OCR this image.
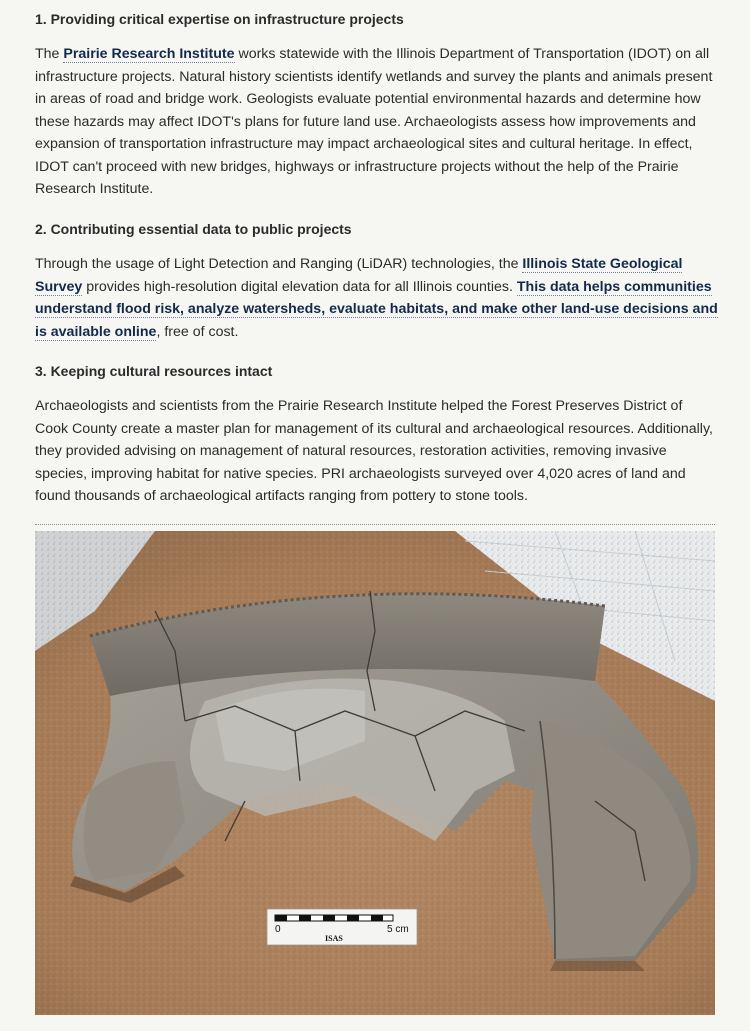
1. Providing critical expertise on infrastructure projects

The Prairie Research Institute works statewide with the Illinois Department of Transportation (IDOT) on all infrastructure projects. Natural history scientists identify wetlands and survey the plants and animals present in areas of road and bridge work. Geologists evaluate potential environmental hazards and determine how these hazards may affect IDOT's plans for future land use. Archaeologists assess how improvements and expansion of transportation infrastructure may impact archaeological sites and cultural heritage. In effect, IDOT can't proceed with new bridges, highways or infrastructure projects without the help of the Prairie Research Institute.

2. Contributing essential data to public projects

Through the usage of Light Detection and Ranging (LiDAR) technologies, the Illinois State Geological Survey provides high-resolution digital elevation data for all Illinois counties. This data helps communities understand flood risk, analyze watersheds, evaluate habitats, and make other land-use decisions and is available online, free of cost.

3. Keeping cultural resources intact

Archaeologists and scientists from the Prairie Research Institute helped the Forest Preserves District of Cook County create a master plan for management of its cultural and archaeological resources. Additionally, they provided advising on management of natural resources, restoration activities, removing invasive species, improving habitat for native species. PRI archaeologists surveyed over 4,020 acres of land and found thousands of archaeological artifacts ranging from pottery to stone tools.

0	5 cm
ISAS
